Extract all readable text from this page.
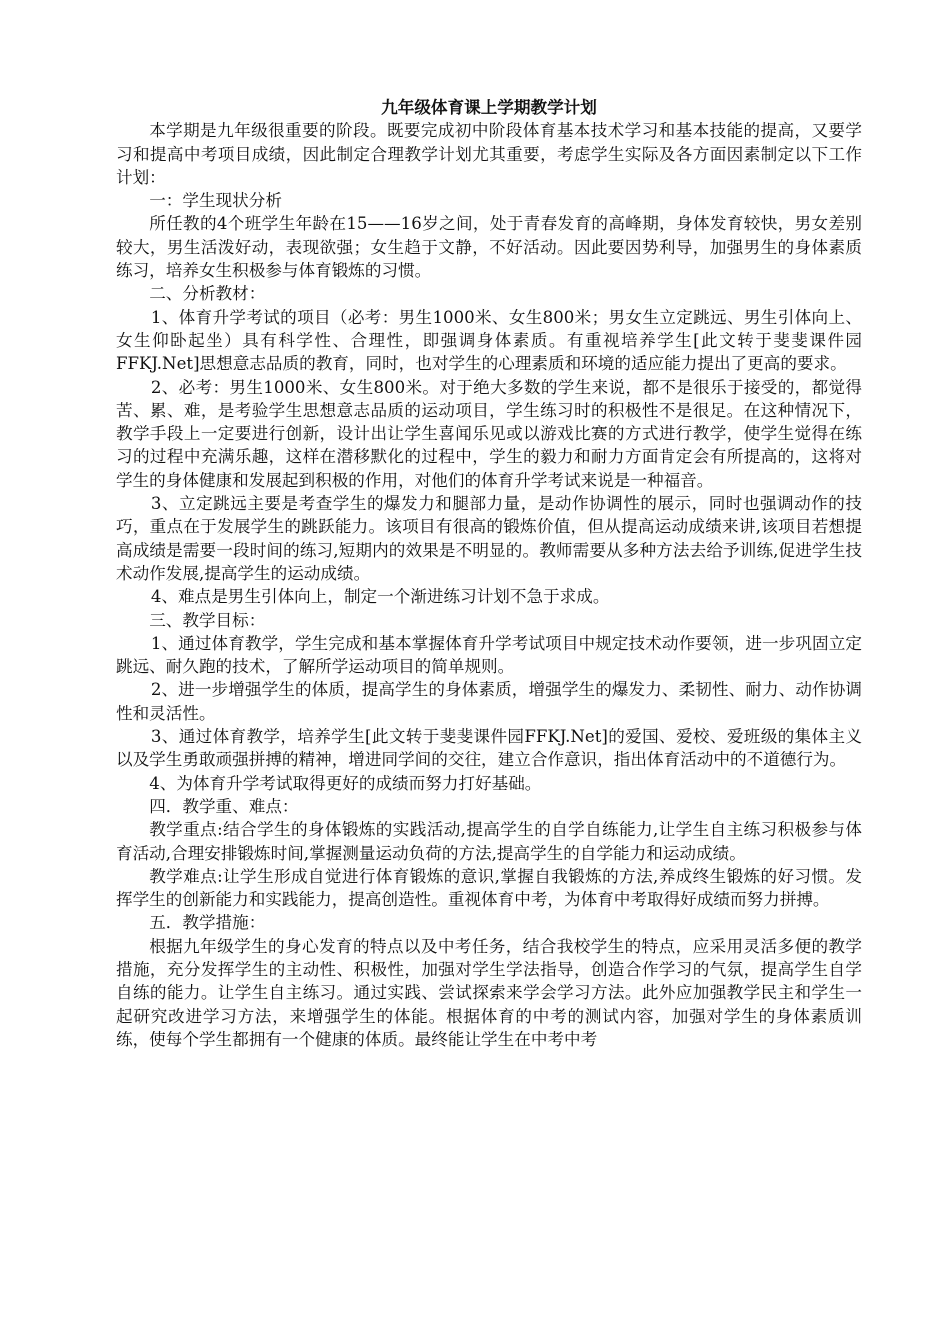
九年级体育课上学期教学计划

本学期是九年级很重要的阶段。既要完成初中阶段体育基本技术学习和基本技能的提高，又要学习和提高中考项目成绩，因此制定合理教学计划尤其重要，考虑学生实际及各方面因素制定以下工作计划：

一：学生现状分析

所任教的4个班学生年龄在15——16岁之间，处于青春发育的高峰期，身体发育较快，男女差别较大，男生活泼好动，表现欲强；女生趋于文静，不好活动。因此要因势利导，加强男生的身体素质练习，培养女生积极参与体育锻炼的习惯。

二、分析教材：

1、体育升学考试的项目（必考：男生1000米、女生800米；男女生立定跳远、男生引体向上、女生仰卧起坐）具有科学性、合理性，即强调身体素质。有重视培养学生[此文转于斐斐课件园FFKJ.Net]思想意志品质的教育，同时，也对学生的心理素质和环境的适应能力提出了更高的要求。

2、必考：男生1000米、女生800米。对于绝大多数的学生来说，都不是很乐于接受的，都觉得苦、累、难，是考验学生思想意志品质的运动项目，学生练习时的积极性不是很足。在这种情况下，教学手段上一定要进行创新，设计出让学生喜闻乐见或以游戏比赛的方式进行教学，使学生觉得在练习的过程中充满乐趣，这样在潜移默化的过程中，学生的毅力和耐力方面肯定会有所提高的，这将对学生的身体健康和发展起到积极的作用，对他们的体育升学考试来说是一种福音。

3、立定跳远主要是考查学生的爆发力和腿部力量，是动作协调性的展示，同时也强调动作的技巧，重点在于发展学生的跳跃能力。该项目有很高的锻炼价值，但从提高运动成绩来讲,该项目若想提高成绩是需要一段时间的练习,短期内的效果是不明显的。教师需要从多种方法去给予训练,促进学生技术动作发展,提高学生的运动成绩。

4、难点是男生引体向上，制定一个渐进练习计划不急于求成。

三、教学目标：

1、通过体育教学，学生完成和基本掌握体育升学考试项目中规定技术动作要领，进一步巩固立定跳远、耐久跑的技术，了解所学运动项目的简单规则。

2、进一步增强学生的体质，提高学生的身体素质，增强学生的爆发力、柔韧性、耐力、动作协调性和灵活性。

3、通过体育教学，培养学生[此文转于斐斐课件园FFKJ.Net]的爱国、爱校、爱班级的集体主义以及学生勇敢顽强拼搏的精神，增进同学间的交往，建立合作意识，指出体育活动中的不道德行为。

4、为体育升学考试取得更好的成绩而努力打好基础。

四．教学重、难点：

教学重点:结合学生的身体锻炼的实践活动,提高学生的自学自练能力,让学生自主练习积极参与体育活动,合理安排锻炼时间,掌握测量运动负荷的方法,提高学生的自学能力和运动成绩。

教学难点:让学生形成自觉进行体育锻炼的意识,掌握自我锻炼的方法,养成终生锻炼的好习惯。发挥学生的创新能力和实践能力，提高创造性。重视体育中考，为体育中考取得好成绩而努力拼搏。

五．教学措施：

根据九年级学生的身心发育的特点以及中考任务，结合我校学生的特点，应采用灵活多便的教学措施，充分发挥学生的主动性、积极性，加强对学生学法指导，创造合作学习的气氛，提高学生自学自练的能力。让学生自主练习。通过实践、尝试探索来学会学习方法。此外应加强教学民主和学生一起研究改进学习方法，来增强学生的体能。根据体育的中考的测试内容，加强对学生的身体素质训练，使每个学生都拥有一个健康的体质。最终能让学生在中考中考
